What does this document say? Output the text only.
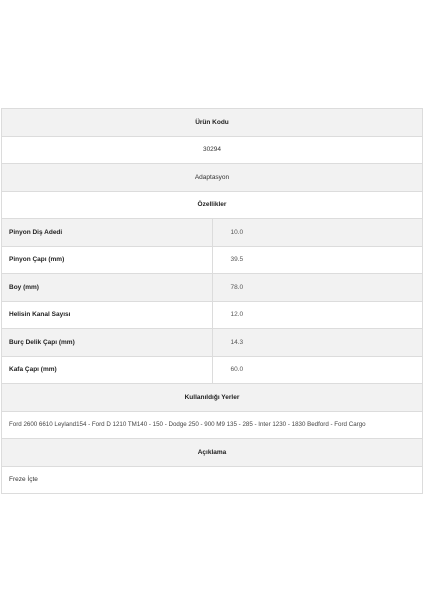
Ürün Kodu	
30294	
Adaptasyon	
Özellikler	
Pinyon Diş Adedi	10.0
Pinyon Çapı (mm)	39.5
Boy (mm)	78.0
Helisin Kanal Sayısı	12.0
Burç Delik Çapı (mm)	14.3
Kafa Çapı (mm)	60.0
Kullanıldığı Yerler	
Ford 2600 6610 Leyland154 - Ford D 1210 TM140 - 150 - Dodge 250 - 900 M9 135 - 285 - Inter 1230 - 1830 Bedford - Ford Cargo	
Açıklama	
Freze İçte	
